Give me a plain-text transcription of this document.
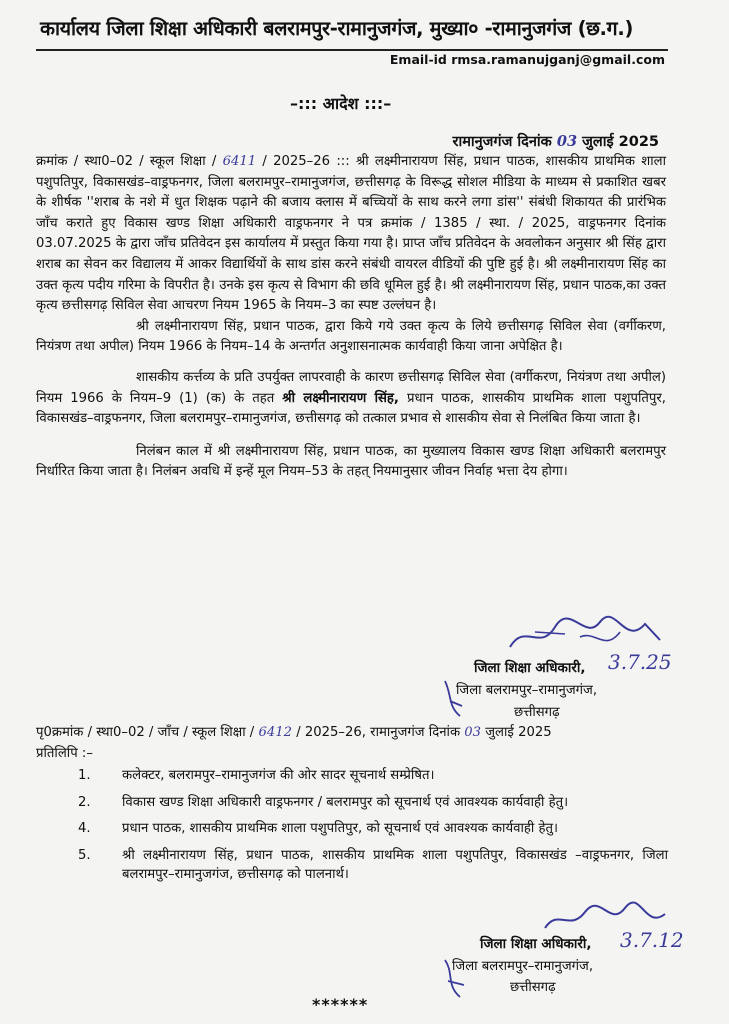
कार्यालय जिला शिक्षा अधिकारी बलरामपुर-रामानुजगंज, मुख्या० -रामानुजगंज (छ.ग.)
Email-id rmsa.ramanujganj@gmail.com
–::: आदेश :::–
रामानुजगंज दिनांक 03 जुलाई 2025

क्रमांक / स्था0–02 / स्कूल शिक्षा / 6411 / 2025–26 ::: श्री लक्ष्मीनारायण सिंह, प्रधान पाठक, शासकीय प्राथमिक शाला पशुपतिपुर, विकासखंड–वाड्रफनगर, जिला बलरामपुर–रामानुजगंज, छत्तीसगढ़ के विरूद्ध सोशल मीडिया के माध्यम से प्रकाशित खबर के शीर्षक ''शराब के नशे में धुत शिक्षक पढ़ाने की बजाय क्लास में बच्चियों के साथ करने लगा डांस'' संबंधी शिकायत की प्रारंभिक जाँच कराते हुए विकास खण्ड शिक्षा अधिकारी वाड्रफनगर ने पत्र क्रमांक / 1385 / स्था. / 2025, वाड्रफनगर दिनांक 03.07.2025 के द्वारा जाँच प्रतिवेदन इस कार्यालय में प्रस्तुत किया गया है। प्राप्त जाँच प्रतिवेदन के अवलोकन अनुसार श्री सिंह द्वारा शराब का सेवन कर विद्यालय में आकर विद्यार्थियों के साथ डांस करने संबंधी वायरल वीडियों की पुष्टि हुई है। श्री लक्ष्मीनारायण सिंह का उक्त कृत्य पदीय गरिमा के विपरीत है। उनके इस कृत्य से विभाग की छवि धूमिल हुई है। श्री लक्ष्मीनारायण सिंह, प्रधान पाठक,का उक्त कृत्य छत्तीसगढ़ सिविल सेवा आचरण नियम 1965 के नियम–3 का स्पष्ट उल्लंघन है।

श्री लक्ष्मीनारायण सिंह, प्रधान पाठक, द्वारा किये गये उक्त कृत्य के लिये छत्तीसगढ़ सिविल सेवा (वर्गीकरण, नियंत्रण तथा अपील) नियम 1966 के नियम–14 के अन्तर्गत अनुशासनात्मक कार्यवाही किया जाना अपेक्षित है।

शासकीय कर्त्तव्य के प्रति उपर्युक्त लापरवाही के कारण छत्तीसगढ़ सिविल सेवा (वर्गीकरण, नियंत्रण तथा अपील) नियम 1966 के नियम–9 (1) (क) के तहत श्री लक्ष्मीनारायण सिंह, प्रधान पाठक, शासकीय प्राथमिक शाला पशुपतिपुर, विकासखंड–वाड्रफनगर, जिला बलरामपुर–रामानुजगंज, छत्तीसगढ़ को तत्काल प्रभाव से शासकीय सेवा से निलंबित किया जाता है।

निलंबन काल में श्री लक्ष्मीनारायण सिंह, प्रधान पाठक, का मुख्यालय विकास खण्ड शिक्षा अधिकारी बलरामपुर निर्धारित किया जाता है। निलंबन अवधि में इन्हें मूल नियम–53 के तहत् नियमानुसार जीवन निर्वाह भत्ता देय होगा।

जिला शिक्षा अधिकारी, 3.7.25
जिला बलरामपुर–रामानुजगंज,
छत्तीसगढ़
पृ0क्रमांक / स्था0–02 / जाँच / स्कूल शिक्षा / 6412 / 2025–26, रामानुजगंज दिनांक 03 जुलाई 2025
प्रतिलिपि :–
1.	कलेक्टर, बलरामपुर–रामानुजगंज की ओर सादर सूचनार्थ सम्प्रेषित।
2.	विकास खण्ड शिक्षा अधिकारी वाड्रफनगर / बलरामपुर को सूचनार्थ एवं आवश्यक कार्यवाही हेतु।
4.	प्रधान पाठक, शासकीय प्राथमिक शाला पशुपतिपुर, को सूचनार्थ एवं आवश्यक कार्यवाही हेतु।
5.	श्री लक्ष्मीनारायण सिंह, प्रधान पाठक, शासकीय प्राथमिक शाला पशुपतिपुर, विकासखंड –वाड्रफनगर, जिला बलरामपुर–रामानुजगंज, छत्तीसगढ़ को पालनार्थ।
जिला शिक्षा अधिकारी, 3.7.12
जिला बलरामपुर–रामानुजगंज,
छत्तीसगढ़
******
